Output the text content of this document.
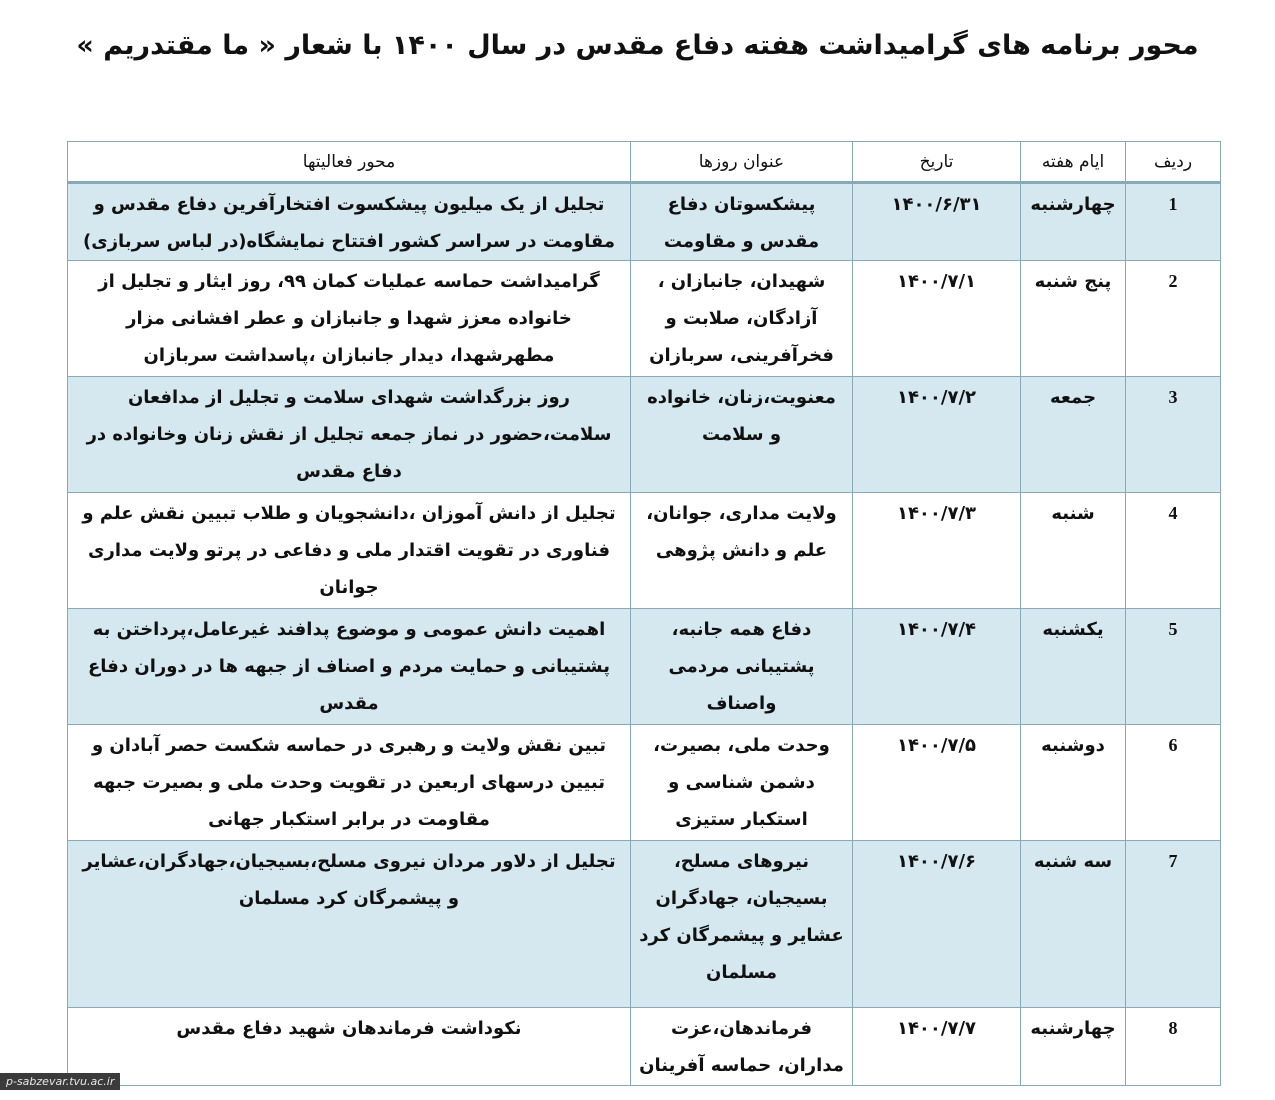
محور برنامه های گرامیداشت هفته دفاع مقدس در سال ۱۴۰۰ با شعار « ما مقتدریم »
ردیف	ایام هفته	تاریخ	عنوان روزها	محور فعالیتها
1	چهارشنبه	۱۴۰۰/۶/۳۱	پیشکسوتان دفاع مقدس و مقاومت	تجلیل از یک میلیون پیشکسوت افتخارآفرین دفاع مقدس و مقاومت در سراسر کشور افتتاح نمایشگاه(در لباس سربازی)
2	پنج شنبه	۱۴۰۰/۷/۱	شهیدان، جانبازان ، آزادگان، صلابت و فخرآفرینی، سربازان	گرامیداشت حماسه عملیات کمان ۹۹، روز ایثار و تجلیل از خانواده معزز شهدا و جانبازان و عطر افشانی مزار مطهرشهدا، دیدار جانبازان ،پاسداشت سربازان
3	جمعه	۱۴۰۰/۷/۲	معنویت،زنان، خانواده و سلامت	روز بزرگداشت شهدای سلامت و تجلیل از مدافعان سلامت،حضور در نماز جمعه تجلیل از نقش زنان وخانواده در دفاع مقدس
4	شنبه	۱۴۰۰/۷/۳	ولایت مداری، جوانان، علم و دانش پژوهی	تجلیل از دانش آموزان ،دانشجویان و طلاب تبیین نقش علم و فناوری در تقویت اقتدار ملی و دفاعی در پرتو ولایت مداری جوانان
5	یکشنبه	۱۴۰۰/۷/۴	دفاع همه جانبه، پشتیبانی مردمی واصناف	اهمیت دانش عمومی و موضوع پدافند غیرعامل،پرداختن به پشتیبانی و حمایت مردم و اصناف از جبهه ها در دوران دفاع مقدس
6	دوشنبه	۱۴۰۰/۷/۵	وحدت ملی، بصیرت، دشمن شناسی و استکبار ستیزی	تبین نقش ولایت و رهبری در حماسه شکست حصر آبادان و تبیین درسهای اربعین در تقویت وحدت ملی و بصیرت جبهه مقاومت در برابر استکبار جهانی
7	سه شنبه	۱۴۰۰/۷/۶	نیروهای مسلح، بسیجیان، جهادگران عشایر و پیشمرگان کرد مسلمان	تجلیل از دلاور مردان نیروی مسلح،بسیجیان،جهادگران،عشایر و پیشمرگان کرد مسلمان
8	چهارشنبه	۱۴۰۰/۷/۷	فرماندهان،عزت مداران، حماسه آفرینان	نکوداشت فرماندهان شهید دفاع مقدس
p-sabzevar.tvu.ac.ir
